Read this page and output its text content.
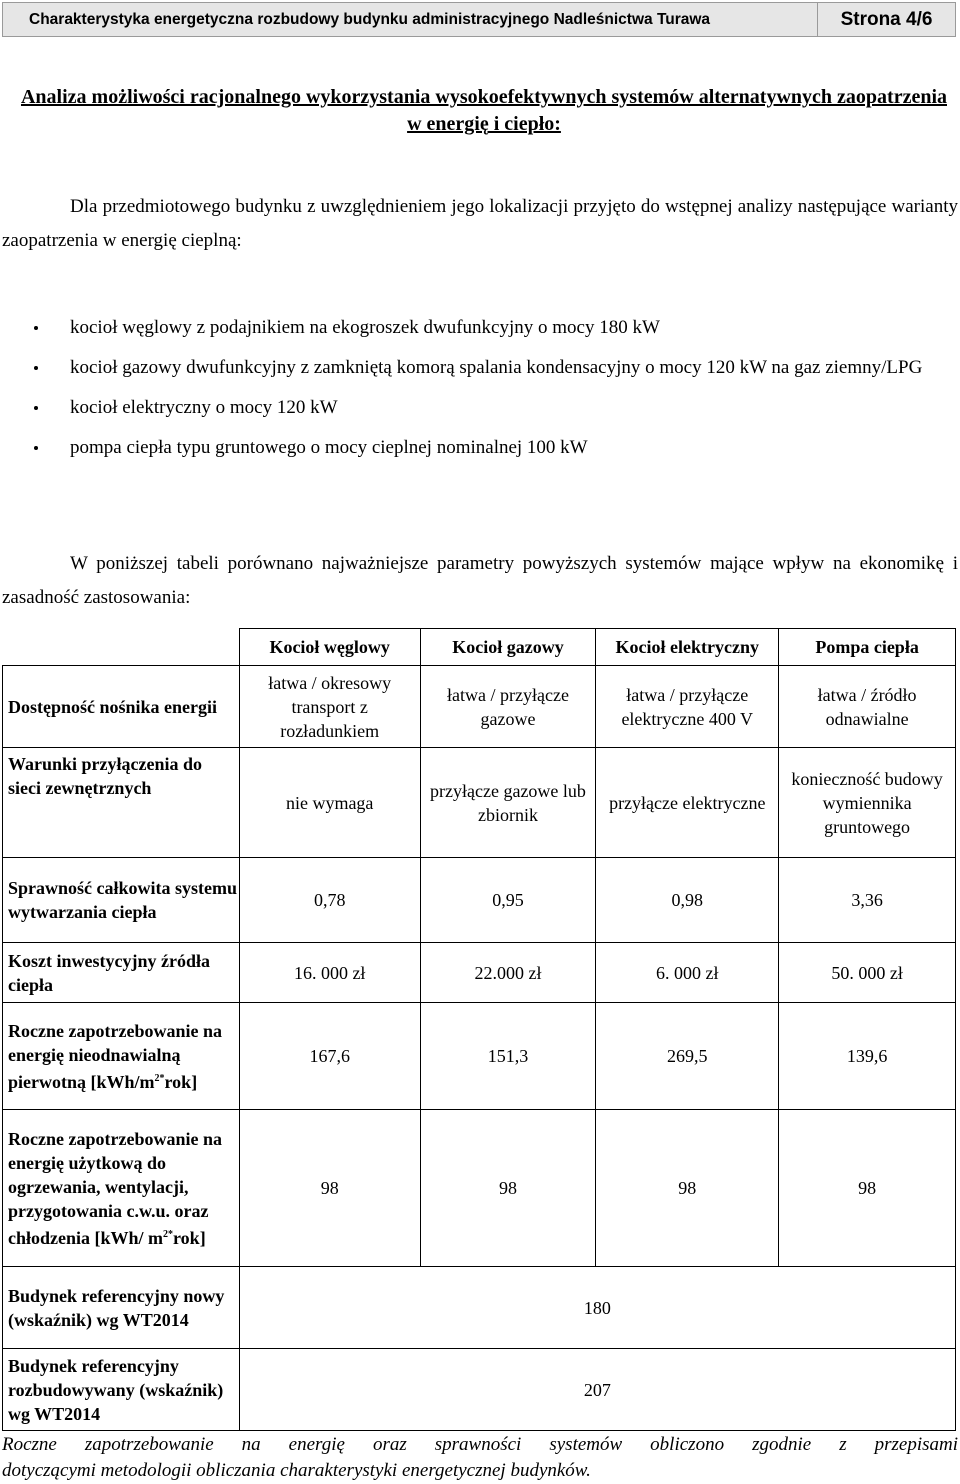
Charakterystyka energetyczna rozbudowy budynku administracyjnego Nadleśnictwa Turawa	Strona 4/6
Analiza możliwości racjonalnego wykorzystania wysokoefektywnych systemów alternatywnych zaopatrzenia w energię i ciepło:
Dla przedmiotowego budynku z uwzględnieniem jego lokalizacji przyjęto do wstępnej analizy następujące warianty zaopatrzenia w energię cieplną:
kocioł węglowy z podajnikiem na ekogroszek dwufunkcyjny o mocy 180 kW
kocioł gazowy dwufunkcyjny z zamkniętą komorą spalania kondensacyjny o mocy 120 kW na gaz ziemny/LPG
kocioł elektryczny o mocy 120 kW
pompa ciepła typu gruntowego o mocy cieplnej nominalnej 100 kW
W poniższej tabeli porównano najważniejsze parametry powyższych systemów mające wpływ na ekonomikę i zasadność zastosowania:
	Kocioł węglowy	Kocioł gazowy	Kocioł elektryczny	Pompa ciepła
Dostępność nośnika energii	łatwa / okresowy transport z rozładunkiem	łatwa / przyłącze gazowe	łatwa / przyłącze elektryczne 400 V	łatwa / źródło odnawialne
Warunki przyłączenia do sieci zewnętrznych	nie wymaga	przyłącze gazowe lub zbiornik	przyłącze elektryczne	konieczność budowy wymiennika gruntowego
Sprawność całkowita systemu wytwarzania ciepła	0,78	0,95	0,98	3,36
Koszt inwestycyjny źródła ciepła	16. 000 zł	22.000 zł	6. 000 zł	50. 000 zł
Roczne zapotrzebowanie na energię nieodnawialną pierwotną $[kWh/m^{2*}rok]$	167,6	151,3	269,5	139,6
Roczne zapotrzebowanie na energię użytkową do ogrzewania, wentylacji, przygotowania c.w.u. oraz chłodzenia [kWh/ $m^{2*}rok$]	98	98	98	98
Budynek referencyjny nowy (wskaźnik) wg WT2014	180			
Budynek referencyjny rozbudowywany (wskaźnik) wg WT2014	207			
Roczne zapotrzebowanie na energię oraz sprawności systemów obliczono zgodnie z przepisami
dotyczącymi metodologii obliczania charakterystyki energetycznej budynków.
